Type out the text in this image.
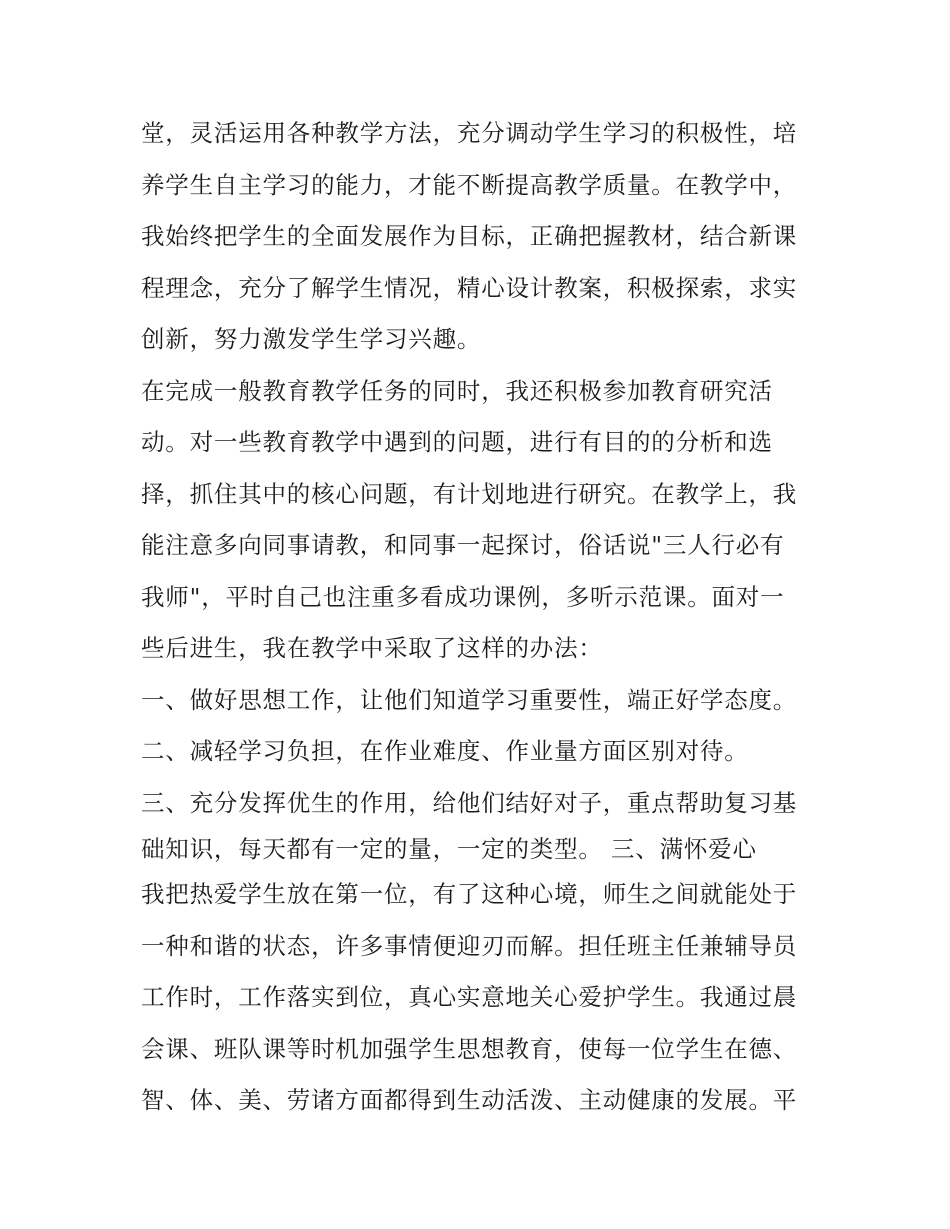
堂，灵活运用各种教学方法，充分调动学生学习的积极性，培
养学生自主学习的能力，才能不断提高教学质量。在教学中，
我始终把学生的全面发展作为目标，正确把握教材，结合新课
程理念，充分了解学生情况，精心设计教案，积极探索，求实
创新，努力激发学生学习兴趣。
在完成一般教育教学任务的同时，我还积极参加教育研究活
动。对一些教育教学中遇到的问题，进行有目的的分析和选
择，抓住其中的核心问题，有计划地进行研究。在教学上，我
能注意多向同事请教，和同事一起探讨，俗话说"三人行必有
我师"，平时自己也注重多看成功课例，多听示范课。面对一
些后进生，我在教学中采取了这样的办法：
一、做好思想工作，让他们知道学习重要性，端正好学态度。
二、减轻学习负担，在作业难度、作业量方面区别对待。
三、充分发挥优生的作用，给他们结好对子，重点帮助复习基
础知识，每天都有一定的量，一定的类型。 三、满怀爱心
我把热爱学生放在第一位，有了这种心境，师生之间就能处于
一种和谐的状态，许多事情便迎刃而解。担任班主任兼辅导员
工作时，工作落实到位，真心实意地关心爱护学生。我通过晨
会课、班队课等时机加强学生思想教育，使每一位学生在德、
智、体、美、劳诸方面都得到生动活泼、主动健康的发展。平
